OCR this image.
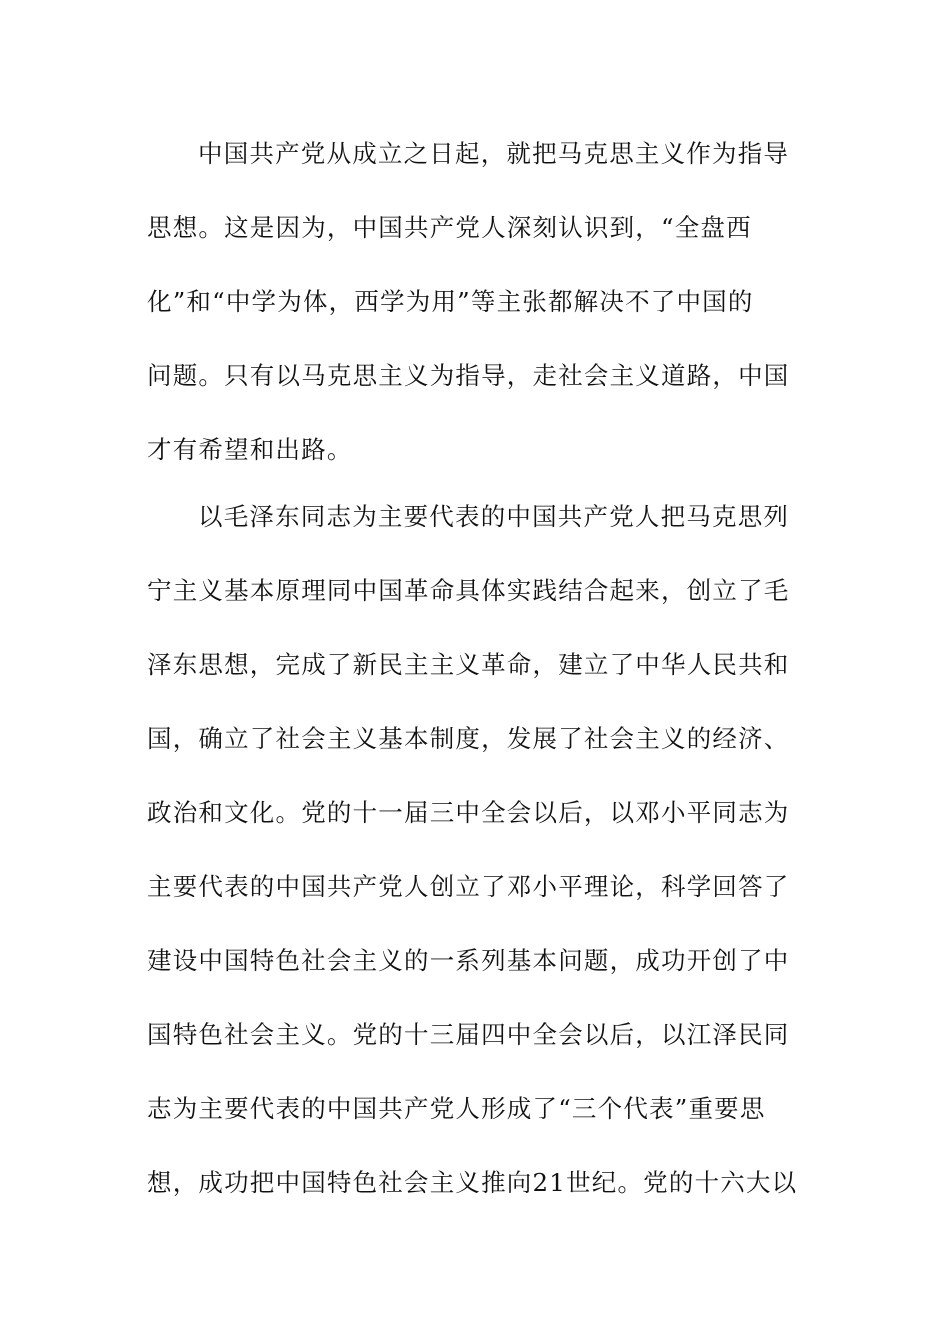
中国共产党从成立之日起，就把马克思主义作为指导
思想。这是因为，中国共产党人深刻认识到，“全盘西
化”和“中学为体，西学为用”等主张都解决不了中国的
问题。只有以马克思主义为指导，走社会主义道路，中国
才有希望和出路。
以毛泽东同志为主要代表的中国共产党人把马克思列
宁主义基本原理同中国革命具体实践结合起来，创立了毛
泽东思想，完成了新民主主义革命，建立了中华人民共和
国，确立了社会主义基本制度，发展了社会主义的经济、
政治和文化。党的十一届三中全会以后，以邓小平同志为
主要代表的中国共产党人创立了邓小平理论，科学回答了
建设中国特色社会主义的一系列基本问题，成功开创了中
国特色社会主义。党的十三届四中全会以后，以江泽民同
志为主要代表的中国共产党人形成了“三个代表”重要思
想，成功把中国特色社会主义推向21世纪。党的十六大以
